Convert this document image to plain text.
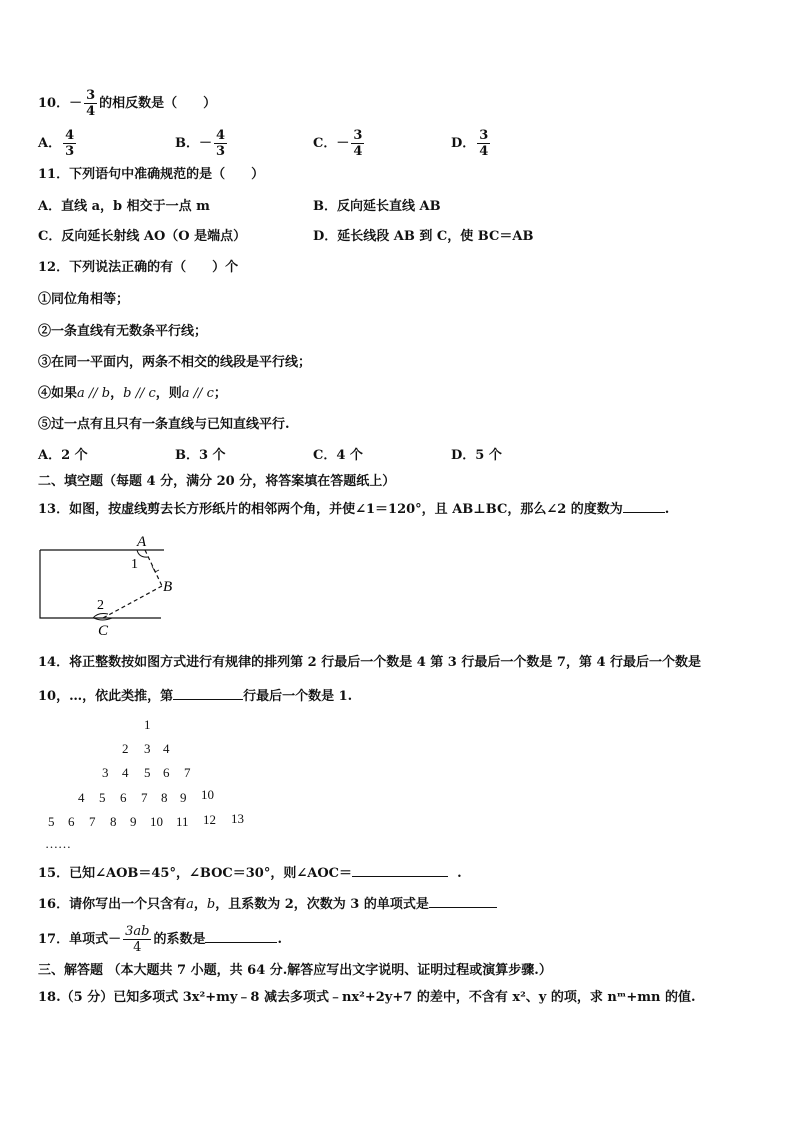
10．－ $\frac{3}{4}$ 的相反数是（　　）
A． $\frac{4}{3}$	B．－ $\frac{4}{3}$	C．－ $\frac{3}{4}$	D． $\frac{3}{4}$
11．下列语句中准确规范的是（　　）
A．直线 a，b 相交于一点 m	B．反向延长直线 AB
C．反向延长射线 AO（O 是端点）	D．延长线段 AB 到 C，使 BC＝AB
12．下列说法正确的有（　　）个
①同位角相等；
②一条直线有无数条平行线；
③在同一平面内，两条不相交的线段是平行线；
④如果a // b，b // c，则a // c；
⑤过一点有且只有一条直线与已知直线平行.
A．2 个	B．3 个	C．4 个	D．5 个
二、填空题（每题 4 分，满分 20 分，将答案填在答题纸上）
13．如图，按虚线剪去长方形纸片的相邻两个角，并使∠1＝120°，且 AB⊥BC，那么∠2 的度数为	.
A
1
B
2
C
14．将正整数按如图方式进行有规律的排列第 2 行最后一个数是 4 第 3 行最后一个数是 7，第 4 行最后一个数是
10，…，依此类推，第	行最后一个数是 1.
1
2 3 4
3 4 5 6 7
4 5 6 7 8 9 10
5 6 7 8 9 10 11 12 13
……
15．已知∠AOB＝45°，∠BOC＝30°，则∠AOC＝	.
16．请你写出一个只含有a，b，且系数为 2，次数为 3 的单项式是
17．单项式－ $\frac{3ab}{4}$ 的系数是	.
三、解答题 （本大题共 7 小题，共 64 分.解答应写出文字说明、证明过程或演算步骤.）
18.（5 分）已知多项式 3x²+my﹣8 减去多项式﹣nx²+2y+7 的差中，不含有 x²、y 的项，求 nᵐ+mn 的值.
